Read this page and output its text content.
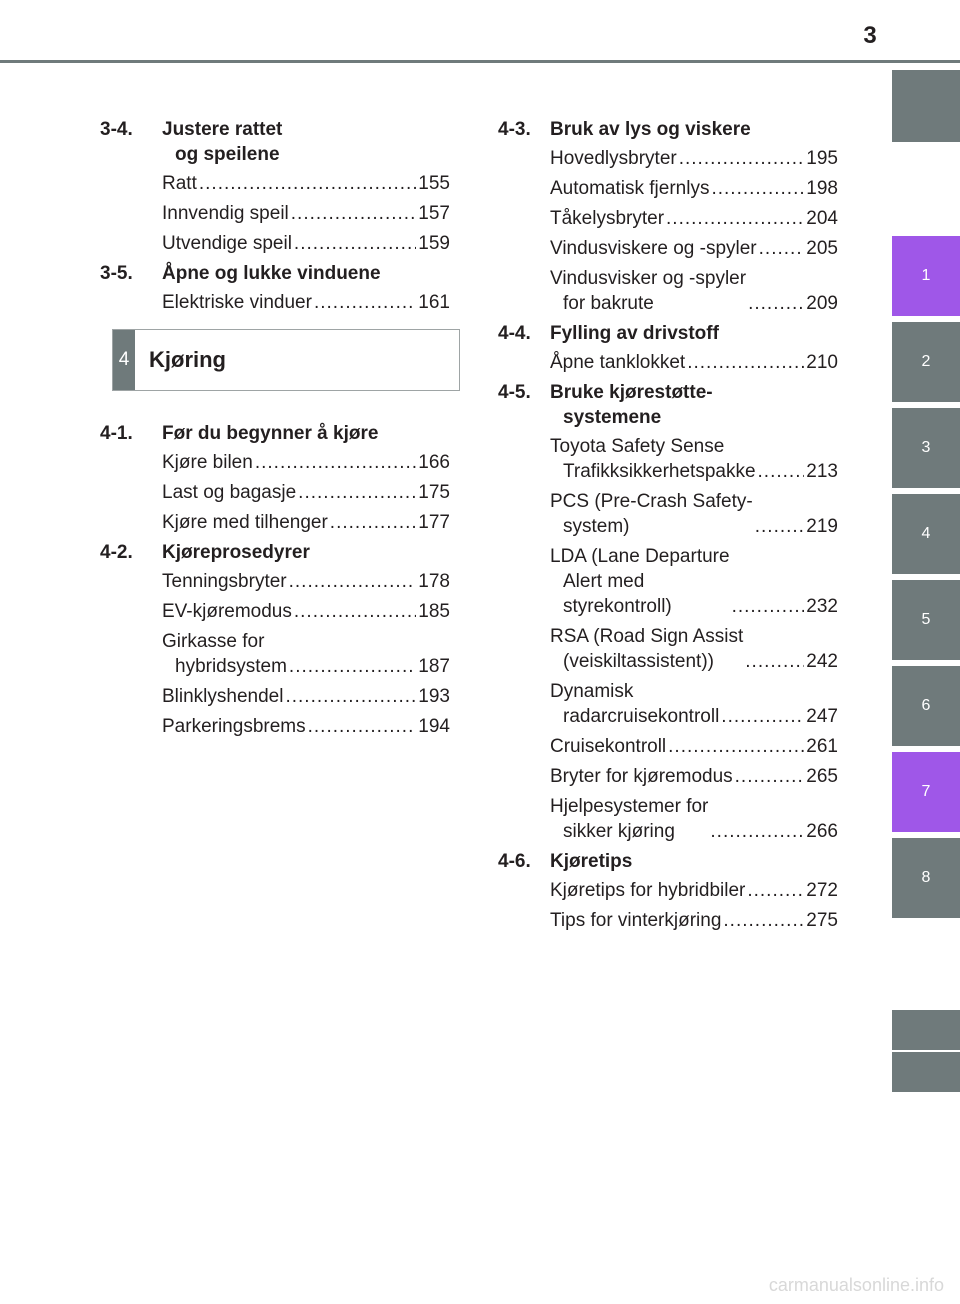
3
3-4.	Justere rattet
og speilene
Ratt .....	155
Innvendig speil .....	157
Utvendige speil .....	159
3-5.	Åpne og lukke vinduene
Elektriske vinduer .....	161
4 Kjøring
4-1.	Før du begynner å kjøre
Kjøre bilen .....	166
Last og bagasje .....	175
Kjøre med tilhenger .....	177
4-2.	Kjøreprosedyrer
Tenningsbryter .....	178
EV-kjøremodus .....	185
Girkasse for
hybridsystem .....	187
Blinklyshendel .....	193
Parkeringsbrems .....	194
4-3.	Bruk av lys og viskere
Hovedlysbryter .....	195
Automatisk fjernlys .....	198
Tåkelysbryter .....	204
Vindusviskere og -spyler .....	205
Vindusvisker og -spyler
for bakrute .....	209
4-4.	Fylling av drivstoff
Åpne tanklokket .....	210
4-5.	Bruke kjørestøtte-
systemene
Toyota Safety Sense
Trafikksikkerhetspakke .....	213
PCS (Pre-Crash Safety-
system) .....	219
LDA (Lane Departure
Alert med
styrekontroll) .....	232
RSA (Road Sign Assist
(veiskiltassistent)) .....	242
Dynamisk
radarcruisekontroll .....	247
Cruisekontroll .....	261
Bryter for kjøremodus .....	265
Hjelpesystemer for
sikker kjøring .....	266
4-6.	Kjøretips
Kjøretips for hybridbiler .....	272
Tips for vinterkjøring .....	275
1
2
3
4
5
6
7
8
carmanualsonline.info
